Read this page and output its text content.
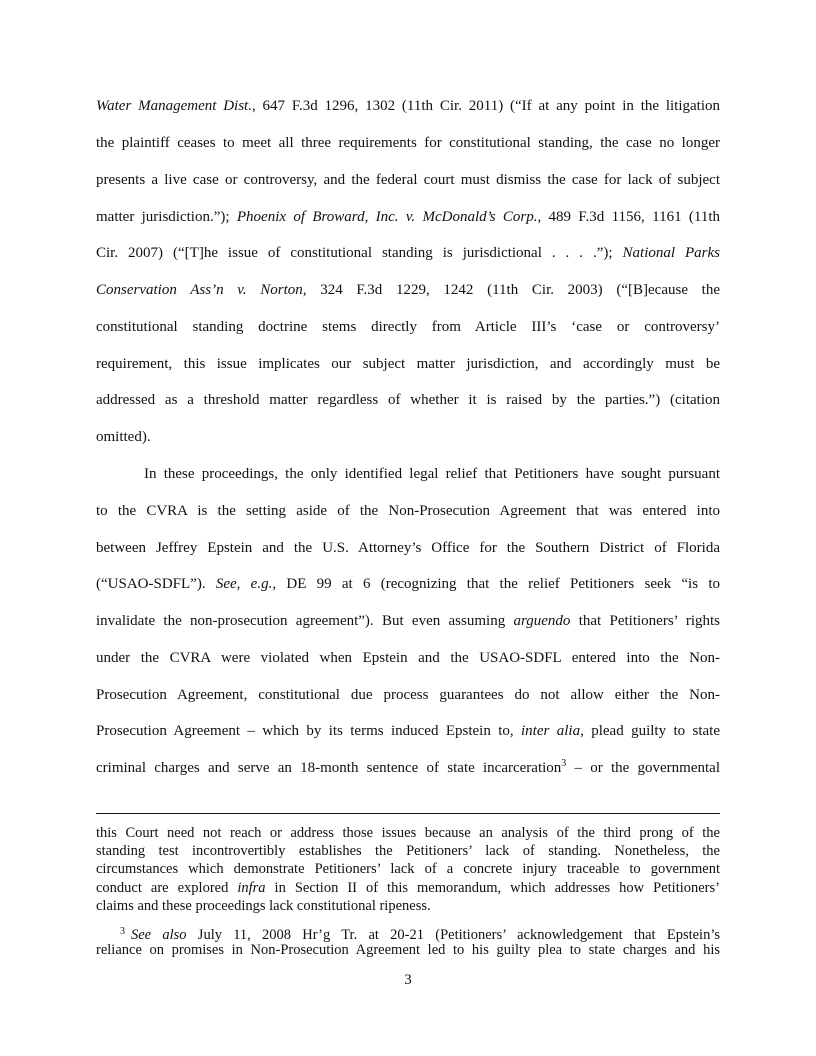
Water Management Dist., 647 F.3d 1296, 1302 (11th Cir. 2011) (“If at any point in the litigation
the plaintiff ceases to meet all three requirements for constitutional standing, the case no longer
presents a live case or controversy, and the federal court must dismiss the case for lack of subject
matter jurisdiction.”); Phoenix of Broward, Inc. v. McDonald’s Corp., 489 F.3d 1156, 1161 (11th
Cir. 2007) (“[T]he issue of constitutional standing is jurisdictional . . . .”); National Parks
Conservation Ass’n v. Norton, 324 F.3d 1229, 1242 (11th Cir. 2003) (“[B]ecause the
constitutional standing doctrine stems directly from Article III’s ‘case or controversy’
requirement, this issue implicates our subject matter jurisdiction, and accordingly must be
addressed as a threshold matter regardless of whether it is raised by the parties.”) (citation
omitted).
In these proceedings, the only identified legal relief that Petitioners have sought pursuant
to the CVRA is the setting aside of the Non-Prosecution Agreement that was entered into
between Jeffrey Epstein and the U.S. Attorney’s Office for the Southern District of Florida
(“USAO-SDFL”). See, e.g., DE 99 at 6 (recognizing that the relief Petitioners seek “is to
invalidate the non-prosecution agreement”). But even assuming arguendo that Petitioners’ rights
under the CVRA were violated when Epstein and the USAO-SDFL entered into the Non-
Prosecution Agreement, constitutional due process guarantees do not allow either the Non-
Prosecution Agreement – which by its terms induced Epstein to, inter alia, plead guilty to state
criminal charges and serve an 18-month sentence of state incarceration$^3$ – or the governmental
this Court need not reach or address those issues because an analysis of the third prong of the
standing test incontrovertibly establishes the Petitioners’ lack of standing. Nonetheless, the
circumstances which demonstrate Petitioners’ lack of a concrete injury traceable to government
conduct are explored infra in Section II of this memorandum, which addresses how Petitioners’
claims and these proceedings lack constitutional ripeness.
$^3$ See also July 11, 2008 Hr’g Tr. at 20-21 (Petitioners’ acknowledgement that Epstein’s
reliance on promises in Non-Prosecution Agreement led to his guilty plea to state charges and his
3
